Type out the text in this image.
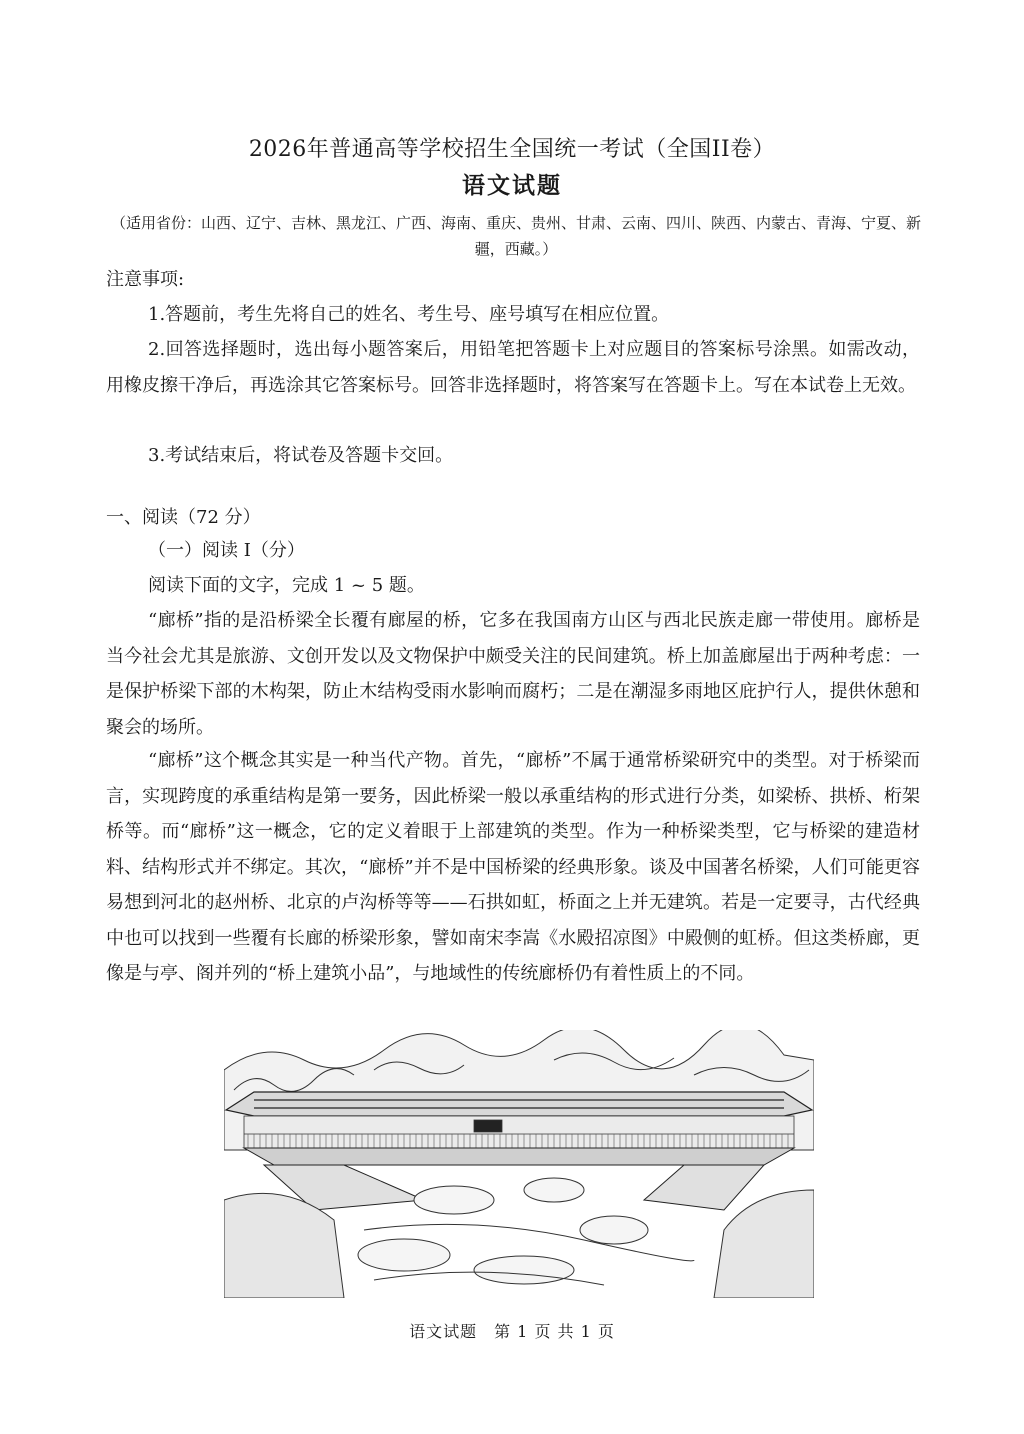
2026年普通高等学校招生全国统一考试（全国II卷）
语文试题
（适用省份：山西、辽宁、吉林、黑龙江、广西、海南、重庆、贵州、甘肃、云南、四川、陕西、内蒙古、青海、宁夏、新疆，西藏。）

注意事项:

1.答题前，考生先将自己的姓名、考生号、座号填写在相应位置。

2.回答选择题时，选出每小题答案后，用铅笔把答题卡上对应题目的答案标号涂黑。如需改动，用橡皮擦干净后，再选涂其它答案标号。回答非选择题时，将答案写在答题卡上。写在本试卷上无效。

3.考试结束后，将试卷及答题卡交回。

一、阅读（72 分）

（一）阅读 I（分）

阅读下面的文字，完成 1 ~ 5 题。

“廊桥”指的是沿桥梁全长覆有廊屋的桥，它多在我国南方山区与西北民族走廊一带使用。廊桥是当今社会尤其是旅游、文创开发以及文物保护中颇受关注的民间建筑。桥上加盖廊屋出于两种考虑：一是保护桥梁下部的木构架，防止木结构受雨水影响而腐朽；二是在潮湿多雨地区庇护行人，提供休憩和聚会的场所。

“廊桥”这个概念其实是一种当代产物。首先，“廊桥”不属于通常桥梁研究中的类型。对于桥梁而言，实现跨度的承重结构是第一要务，因此桥梁一般以承重结构的形式进行分类，如梁桥、拱桥、桁架桥等。而“廊桥”这一概念，它的定义着眼于上部建筑的类型。作为一种桥梁类型，它与桥梁的建造材料、结构形式并不绑定。其次，“廊桥”并不是中国桥梁的经典形象。谈及中国著名桥梁，人们可能更容易想到河北的赵州桥、北京的卢沟桥等等——石拱如虹，桥面之上并无建筑。若是一定要寻，古代经典中也可以找到一些覆有长廊的桥梁形象，譬如南宋李嵩《水殿招凉图》中殿侧的虹桥。但这类桥廊，更像是与亭、阁并列的“桥上建筑小品”，与地域性的传统廊桥仍有着性质上的不同。

语文试题　第 1 页 共 1 页
